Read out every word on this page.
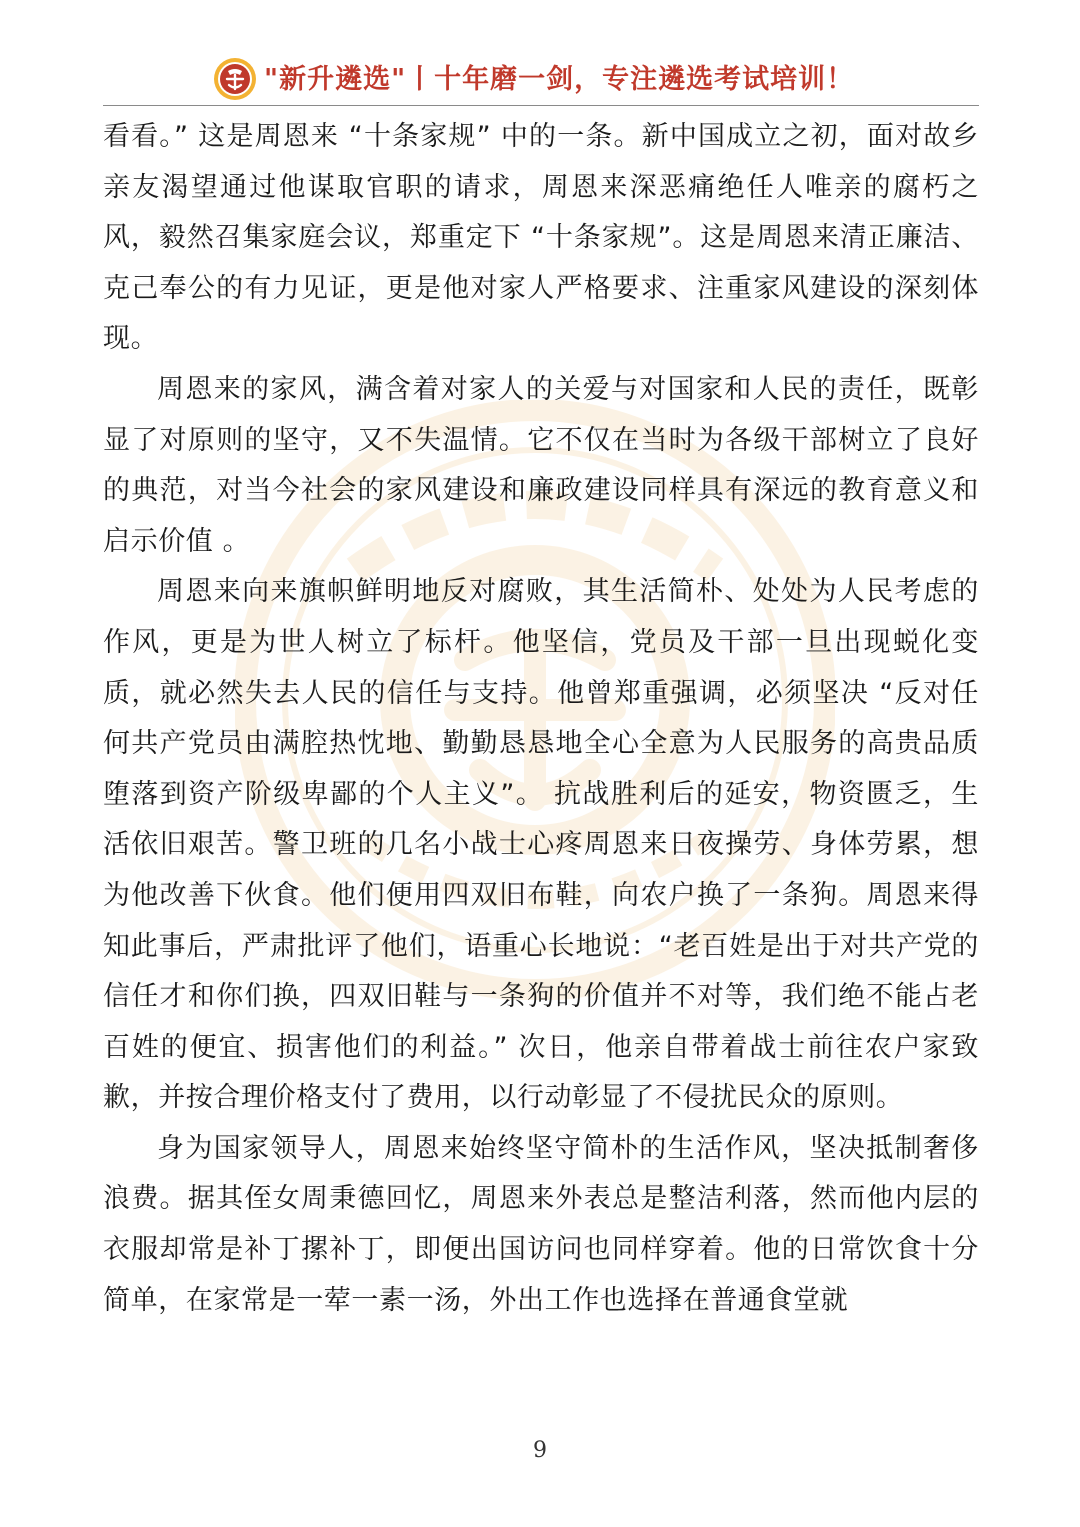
"新升遴选"丨十年磨一剑，专注遴选考试培训！

看看。” 这是周恩来 “十条家规” 中的一条。新中国成立之初，面对故乡亲友渴望通过他谋取官职的请求，周恩来深恶痛绝任人唯亲的腐朽之风，毅然召集家庭会议，郑重定下 “十条家规”。这是周恩来清正廉洁、克己奉公的有力见证，更是他对家人严格要求、注重家风建设的深刻体现。

周恩来的家风，满含着对家人的关爱与对国家和人民的责任，既彰显了对原则的坚守，又不失温情。它不仅在当时为各级干部树立了良好的典范，对当今社会的家风建设和廉政建设同样具有深远的教育意义和启示价值 。

周恩来向来旗帜鲜明地反对腐败，其生活简朴、处处为人民考虑的作风，更是为世人树立了标杆。他坚信，党员及干部一旦出现蜕化变质，就必然失去人民的信任与支持。他曾郑重强调，必须坚决 “反对任何共产党员由满腔热忱地、勤勤恳恳地全心全意为人民服务的高贵品质堕落到资产阶级卑鄙的个人主义”。 抗战胜利后的延安，物资匮乏，生活依旧艰苦。警卫班的几名小战士心疼周恩来日夜操劳、身体劳累，想为他改善下伙食。他们便用四双旧布鞋，向农户换了一条狗。周恩来得知此事后，严肃批评了他们，语重心长地说：“老百姓是出于对共产党的信任才和你们换，四双旧鞋与一条狗的价值并不对等，我们绝不能占老百姓的便宜、损害他们的利益。” 次日，他亲自带着战士前往农户家致歉，并按合理价格支付了费用，以行动彰显了不侵扰民众的原则。

身为国家领导人，周恩来始终坚守简朴的生活作风，坚决抵制奢侈浪费。据其侄女周秉德回忆，周恩来外表总是整洁利落，然而他内层的衣服却常是补丁摞补丁，即便出国访问也同样穿着。他的日常饮食十分简单，在家常是一荤一素一汤，外出工作也选择在普通食堂就

9
